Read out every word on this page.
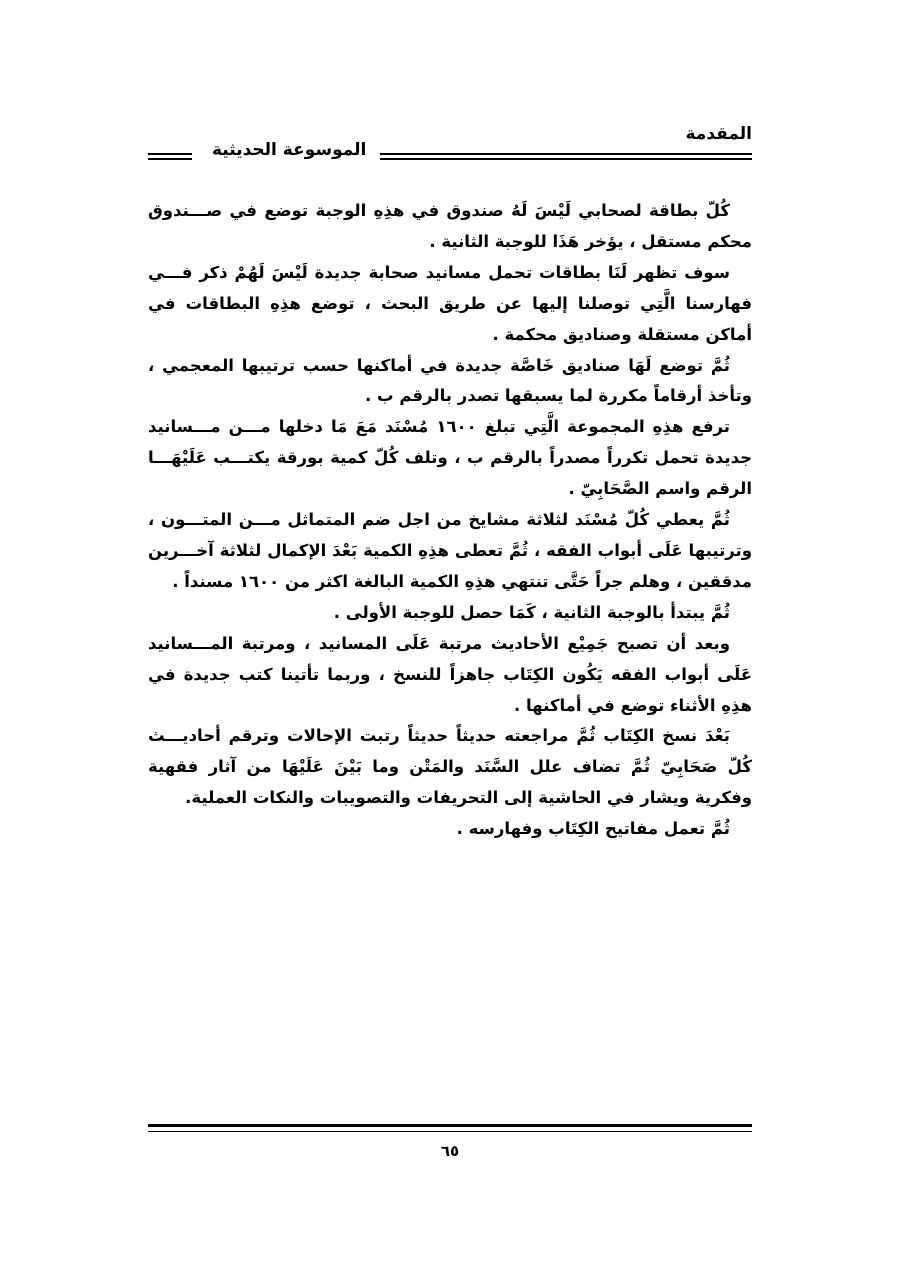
المقدمة
الموسوعة الحديثية

كُلّ بطاقة لصحابي لَيْسَ لَهُ صندوق في هذِهِ الوجبة توضع في صـــندوق محكم مستقل ، يؤخر هَذَا للوجبة الثانية .

سوف تظهر لَنَا بطاقات تحمل مسانيد صحابة جديدة لَيْسَ لَهُمْ ذكر فـــي فهارسنا الَّتِي توصلنا إليها عن طريق البحث ، توضع هذِهِ البطاقات في أماكن مستقلة وصناديق محكمة .

ثُمَّ توضع لَهَا صناديق خَاصَّة جديدة في أماكنها حسب ترتيبها المعجمي ، وتأخذ أرقاماً مكررة لما يسبقها تصدر بالرقم ب .

ترفع هذِهِ المجموعة الَّتِي تبلغ ١٦٠٠ مُسْنَد مَعَ مَا دخلها مـــن مـــسانيد جديدة تحمل تكرراً مصدراً بالرقم ب ، وتلف كُلّ كمية بورقة يكتـــب عَلَيْهَـــا الرقم واسم الصَّحَابِيّ .

ثُمَّ يعطي كُلّ مُسْنَد لثلاثة مشايخ من اجل ضم المتماثل مـــن المتـــون ، وترتيبها عَلَى أبواب الفقه ، ثُمَّ تعطى هذِهِ الكمية بَعْدَ الإكمال لثلاثة آخـــرين مدققين ، وهلم جراً حَتَّى تنتهي هذِهِ الكمية البالغة اكثر من ١٦٠٠ مسنداً .

ثُمَّ يبتدأ بالوجبة الثانية ، كَمَا حصل للوجبة الأولى .

وبعد أن تصبح جَمِيْع الأحاديث مرتبة عَلَى المسانيد ، ومرتبة المـــسانيد عَلَى أبواب الفقه يَكُون الكِتَاب جاهزاً للنسخ ، وربما تأتينا كتب جديدة في هذِهِ الأثناء توضع في أماكنها .

بَعْدَ نسخ الكِتَاب ثُمَّ مراجعته حديثاً حديثاً رتبت الإحالات وترقم أحاديـــث كُلّ صَحَابِيّ ثُمَّ تضاف علل السَّنَد والمَتْن وما بَيْنَ عَلَيْهَا من آثار فقهية وفكرية ويشار في الحاشية إلى التحريفات والتصويبات والنكات العملية.

ثُمَّ تعمل مفاتيح الكِتَاب وفهارسه .

٦٥
